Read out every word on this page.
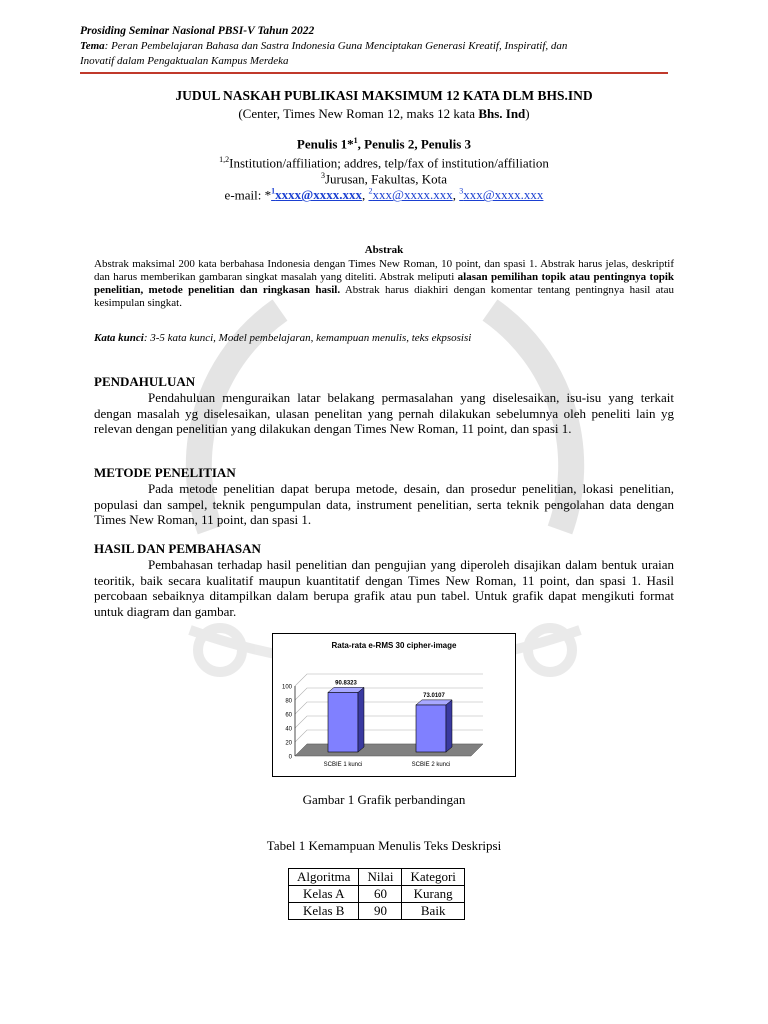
Prosiding Seminar Nasional PBSI-V Tahun 2022
Tema: Peran Pembelajaran Bahasa dan Sastra Indonesia Guna Menciptakan Generasi Kreatif, Inspiratif, dan
Inovatif dalam Pengaktualan Kampus Merdeka
JUDUL NASKAH PUBLIKASI MAKSIMUM 12 KATA DLM BHS.IND
(Center, Times New Roman 12, maks 12 kata Bhs. Ind)
Penulis 1*$^1$, Penulis 2, Penulis 3
$^{1,2}$Institution/affiliation; addres, telp/fax of institution/affiliation
$^3$Jurusan, Fakultas, Kota
e-mail: *$^1$xxxx@xxxx.xxx, $^2$xxx@xxxx.xxx, $^3$xxx@xxxx.xxx
Abstrak
Abstrak maksimal 200 kata berbahasa Indonesia dengan Times New Roman, 10 point, dan spasi 1. Abstrak harus jelas, deskriptif dan harus memberikan gambaran singkat masalah yang diteliti. Abstrak meliputi alasan pemilihan topik atau pentingnya topik penelitian, metode penelitian dan ringkasan hasil. Abstrak harus diakhiri dengan komentar tentang pentingnya hasil atau kesimpulan singkat.
Kata kunci: 3-5 kata kunci, Model pembelajaran, kemampuan menulis, teks ekpsosisi
PENDAHULUAN
Pendahuluan menguraikan latar belakang permasalahan yang diselesaikan, isu-isu yang terkait dengan masalah yg diselesaikan, ulasan penelitan yang pernah dilakukan sebelumnya oleh peneliti lain yg relevan dengan penelitian yang dilakukan dengan Times New Roman, 11 point, dan spasi 1.
METODE PENELITIAN
Pada metode penelitian dapat berupa metode, desain, dan prosedur penelitian, lokasi penelitian, populasi dan sampel, teknik pengumpulan data, instrument penelitian, serta teknik pengolahan data dengan Times New Roman, 11 point, dan spasi 1.
HASIL DAN PEMBAHASAN
Pembahasan terhadap hasil penelitian dan pengujian yang diperoleh disajikan dalam bentuk uraian teoritik, baik secara kualitatif maupun kuantitatif dengan Times New Roman, 11 point, dan spasi 1. Hasil percobaan sebaiknya ditampilkan dalam berupa grafik atau pun tabel. Untuk grafik dapat mengikuti format untuk diagram dan gambar.
Rata-rata e-RMS 30 cipher-image
0
20
40
60
80
100
90.8323
SCBIE 1 kunci
73.0107
SCBIE 2 kunci
Gambar 1 Grafik perbandingan
Tabel 1 Kemampuan Menulis Teks Deskripsi
Algoritma	Nilai	Kategori
Kelas A	60	Kurang
Kelas B	90	Baik
